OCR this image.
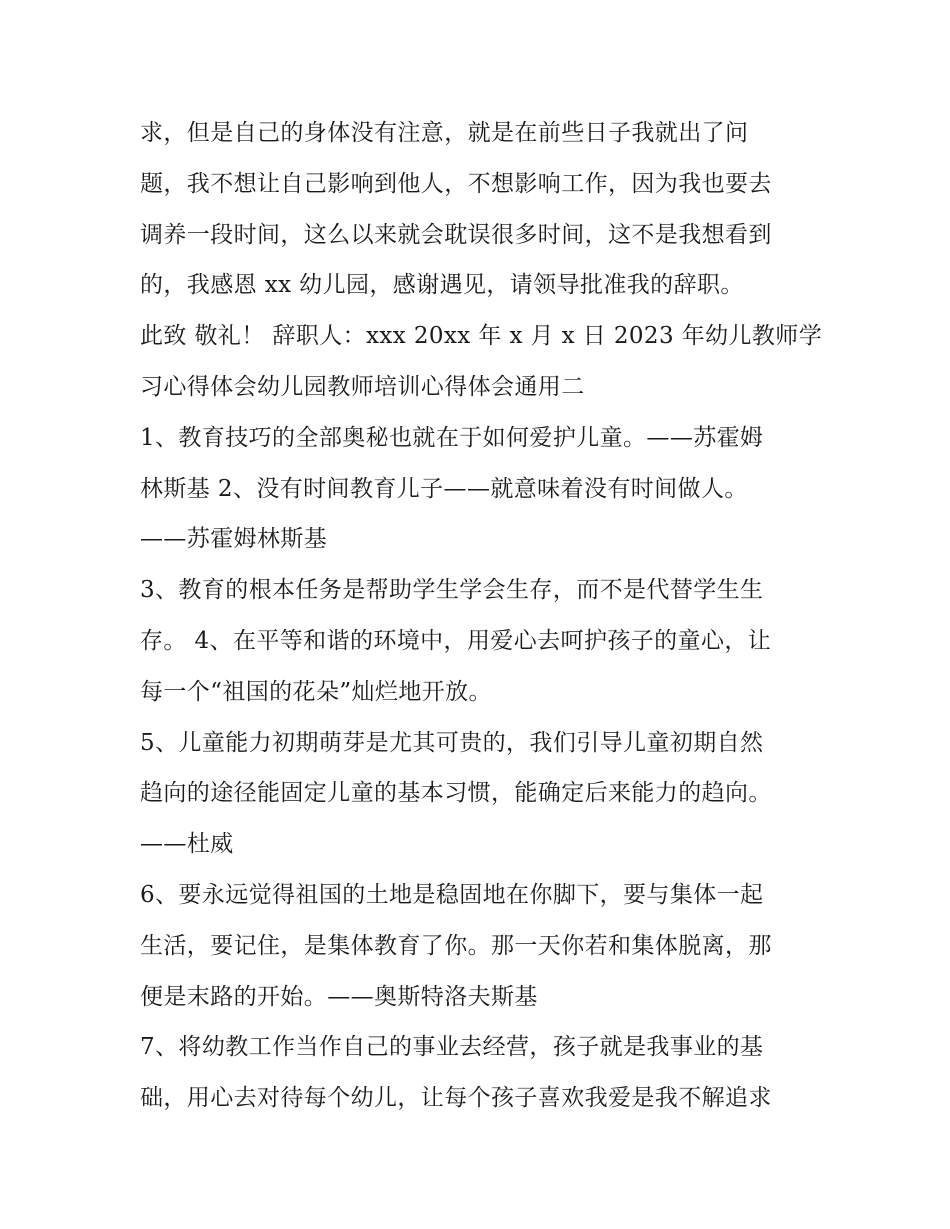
求，但是自己的身体没有注意，就是在前些日子我就出了问
题，我不想让自己影响到他人，不想影响工作，因为我也要去
调养一段时间，这么以来就会耽误很多时间，这不是我想看到
的，我感恩 xx 幼儿园，感谢遇见，请领导批准我的辞职。
此致 敬礼！ 辞职人：xxx 20xx 年 x 月 x 日 2023 年幼儿教师学
习心得体会幼儿园教师培训心得体会通用二
1、教育技巧的全部奥秘也就在于如何爱护儿童。——苏霍姆
林斯基 2、没有时间教育儿子——就意味着没有时间做人。
——苏霍姆林斯基
3、教育的根本任务是帮助学生学会生存，而不是代替学生生
存。 4、在平等和谐的环境中，用爱心去呵护孩子的童心，让
每一个“祖国的花朵”灿烂地开放。
5、儿童能力初期萌芽是尤其可贵的，我们引导儿童初期自然
趋向的途径能固定儿童的基本习惯，能确定后来能力的趋向。
——杜威
6、要永远觉得祖国的土地是稳固地在你脚下，要与集体一起
生活，要记住，是集体教育了你。那一天你若和集体脱离，那
便是末路的开始。——奥斯特洛夫斯基
7、将幼教工作当作自己的事业去经营，孩子就是我事业的基
础，用心去对待每个幼儿，让每个孩子喜欢我爱是我不解追求
